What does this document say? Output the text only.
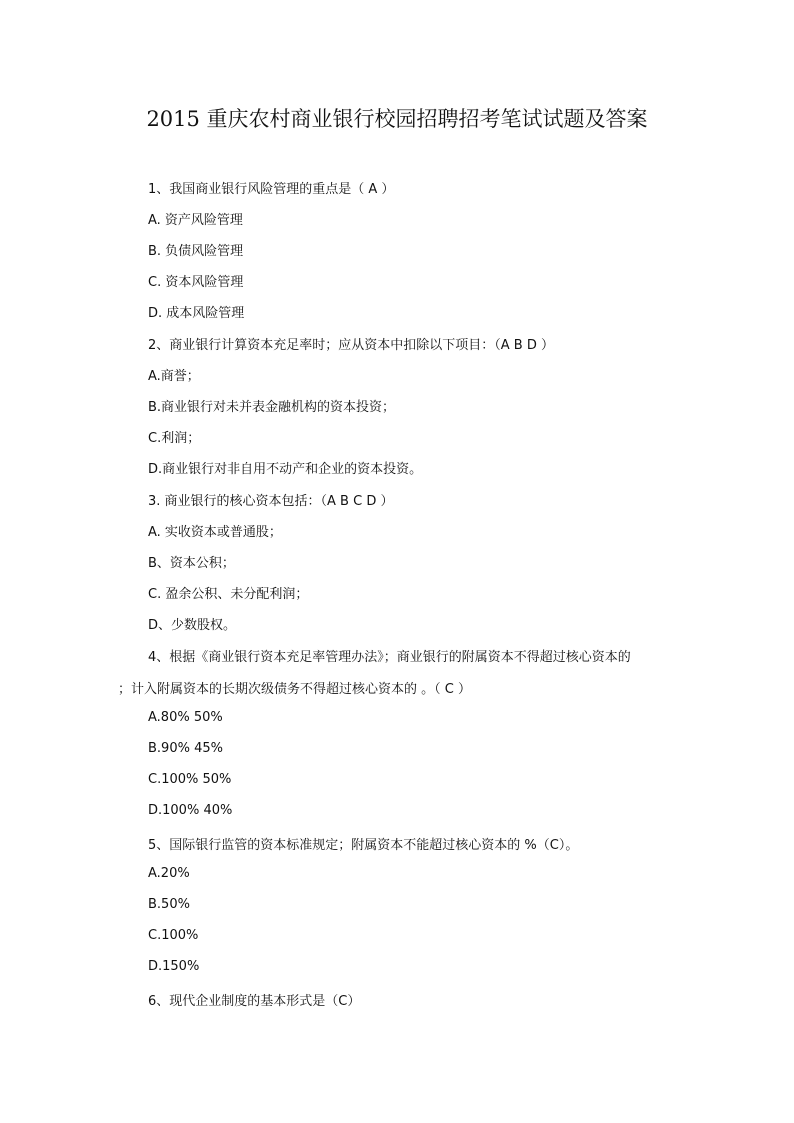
2015 重庆农村商业银行校园招聘招考笔试试题及答案
1、我国商业银行风险管理的重点是（ A ）
A. 资产风险管理
B. 负债风险管理
C. 资本风险管理
D. 成本风险管理
2、商业银行计算资本充足率时；应从资本中扣除以下项目：（A B D ）
A.商誉；
B.商业银行对未并表金融机构的资本投资；
C.利润；
D.商业银行对非自用不动产和企业的资本投资。
3. 商业银行的核心资本包括：（A B C D ）
A. 实收资本或普通股；
B、资本公积；
C. 盈余公积、未分配利润；
D、少数股权。
4、根据《商业银行资本充足率管理办法》；商业银行的附属资本不得超过核心资本的
；计入附属资本的长期次级债务不得超过核心资本的 。（ C ）
A.80% 50%
B.90% 45%
C.100% 50%
D.100% 40%
5、国际银行监管的资本标准规定；附属资本不能超过核心资本的 %（C）。
A.20%
B.50%
C.100%
D.150%
6、现代企业制度的基本形式是（C）
